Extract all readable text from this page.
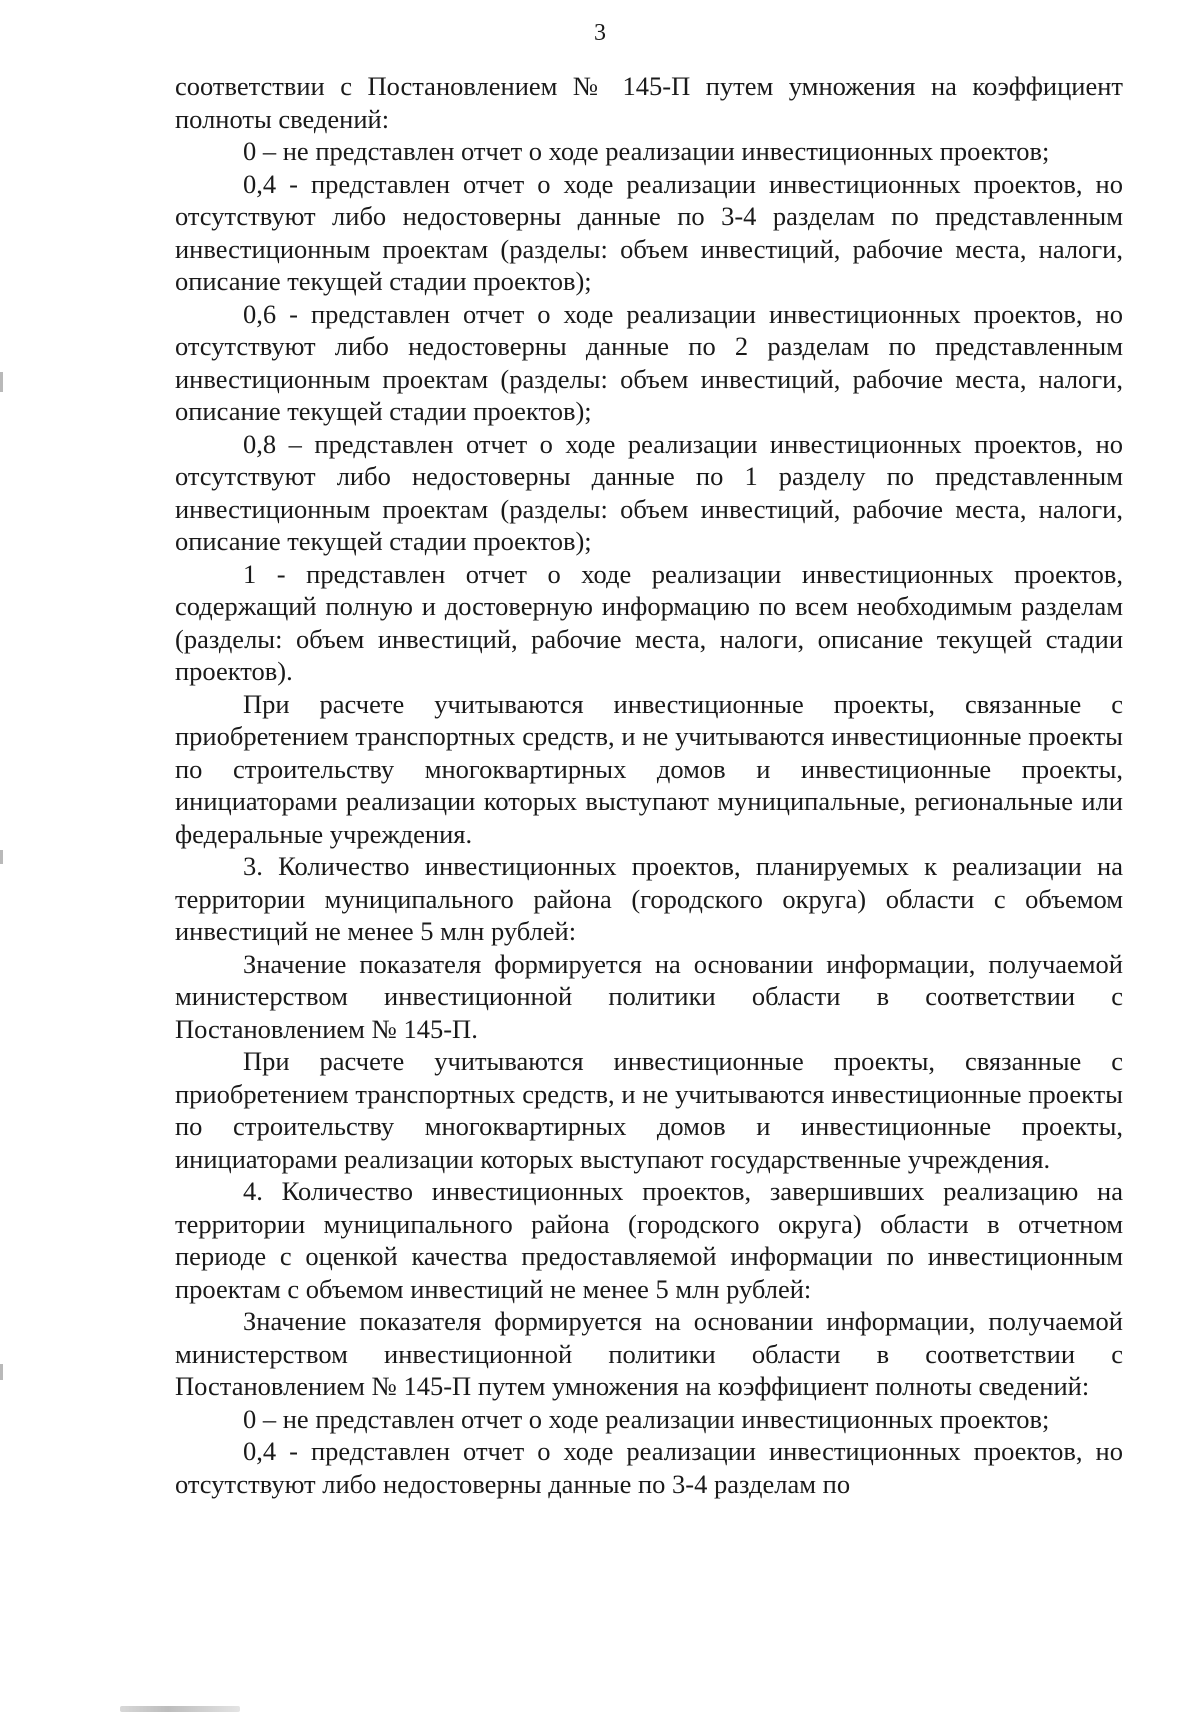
3

соответствии с Постановлением № 145-П путем умножения на коэффициент полноты сведений:

0 – не представлен отчет о ходе реализации инвестиционных проектов;

0,4 - представлен отчет о ходе реализации инвестиционных проектов, но отсутствуют либо недостоверны данные по 3-4 разделам по представленным инвестиционным проектам (разделы: объем инвестиций, рабочие места, налоги, описание текущей стадии проектов);

0,6 - представлен отчет о ходе реализации инвестиционных проектов, но отсутствуют либо недостоверны данные по 2 разделам по представленным инвестиционным проектам (разделы: объем инвестиций, рабочие места, налоги, описание текущей стадии проектов);

0,8 – представлен отчет о ходе реализации инвестиционных проектов, но отсутствуют либо недостоверны данные по 1 разделу по представленным инвестиционным проектам (разделы: объем инвестиций, рабочие места, налоги, описание текущей стадии проектов);

1 - представлен отчет о ходе реализации инвестиционных проектов, содержащий полную и достоверную информацию по всем необходимым разделам (разделы: объем инвестиций, рабочие места, налоги, описание текущей стадии проектов).

При расчете учитываются инвестиционные проекты, связанные с приобретением транспортных средств, и не учитываются инвестиционные проекты по строительству многоквартирных домов и инвестиционные проекты, инициаторами реализации которых выступают муниципальные, региональные или федеральные учреждения.

3. Количество инвестиционных проектов, планируемых к реализации на территории муниципального района (городского округа) области с объемом инвестиций не менее 5 млн рублей:

Значение показателя формируется на основании информации, получаемой министерством инвестиционной политики области в соответствии с Постановлением № 145-П.

При расчете учитываются инвестиционные проекты, связанные с приобретением транспортных средств, и не учитываются инвестиционные проекты по строительству многоквартирных домов и инвестиционные проекты, инициаторами реализации которых выступают государственные учреждения.

4. Количество инвестиционных проектов, завершивших реализацию на территории муниципального района (городского округа) области в отчетном периоде с оценкой качества предоставляемой информации по инвестиционным проектам с объемом инвестиций не менее 5 млн рублей:

Значение показателя формируется на основании информации, получаемой министерством инвестиционной политики области в соответствии с Постановлением № 145-П путем умножения на коэффициент полноты сведений:

0 – не представлен отчет о ходе реализации инвестиционных проектов;

0,4 - представлен отчет о ходе реализации инвестиционных проектов, но отсутствуют либо недостоверны данные по 3-4 разделам по
